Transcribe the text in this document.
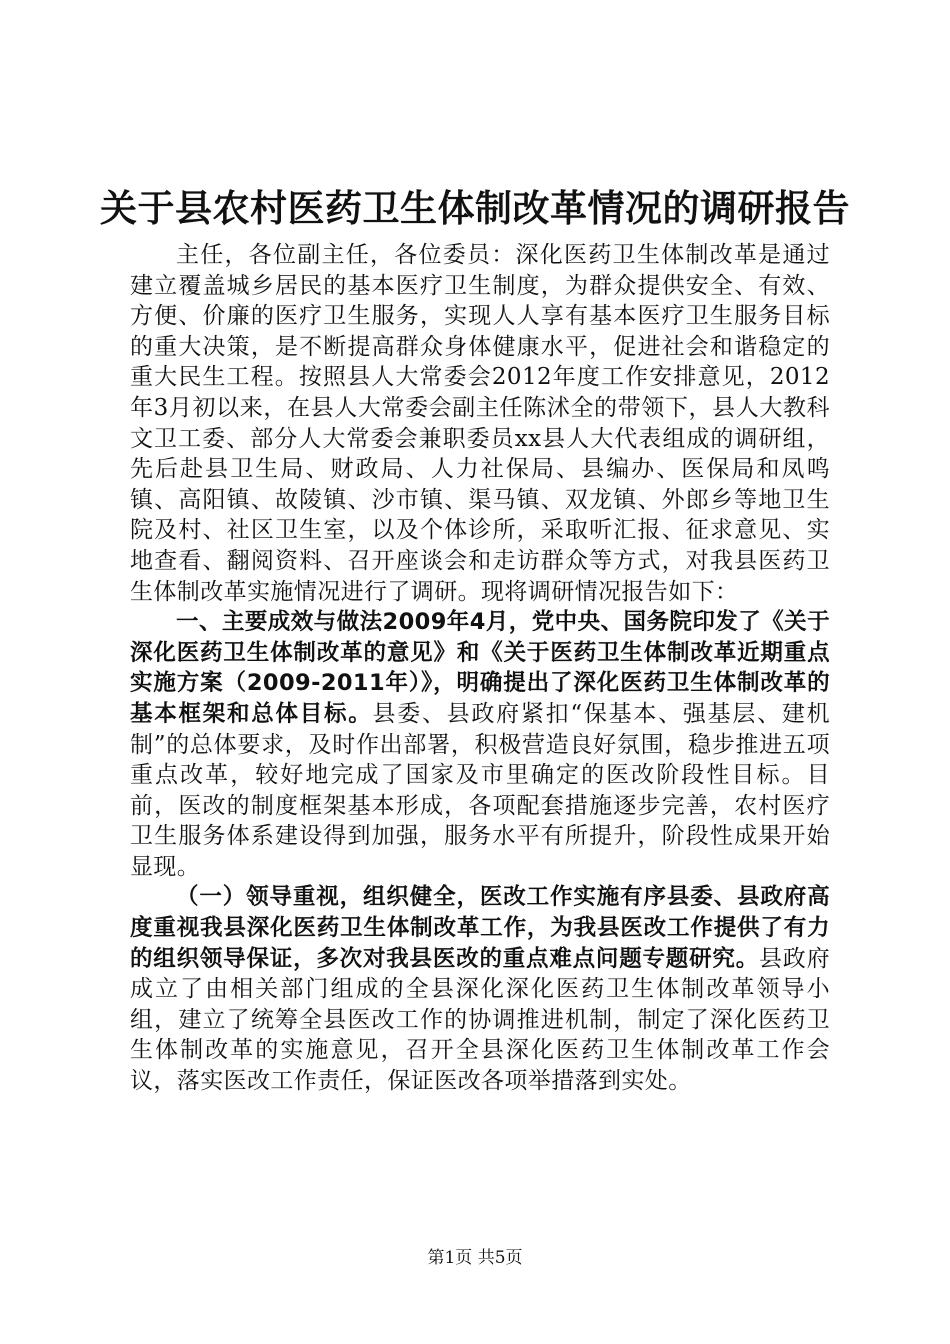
关于县农村医药卫生体制改革情况的调研报告

主任，各位副主任，各位委员：深化医药卫生体制改革是通过建立覆盖城乡居民的基本医疗卫生制度，为群众提供安全、有效、方便、价廉的医疗卫生服务，实现人人享有基本医疗卫生服务目标的重大决策，是不断提高群众身体健康水平，促进社会和谐稳定的重大民生工程。按照县人大常委会2012年度工作安排意见，2012年3月初以来，在县人大常委会副主任陈沭全的带领下，县人大教科文卫工委、部分人大常委会兼职委员xx县人大代表组成的调研组，先后赴县卫生局、财政局、人力社保局、县编办、医保局和凤鸣镇、高阳镇、故陵镇、沙市镇、渠马镇、双龙镇、外郎乡等地卫生院及村、社区卫生室，以及个体诊所，采取听汇报、征求意见、实地查看、翻阅资料、召开座谈会和走访群众等方式，对我县医药卫生体制改革实施情况进行了调研。现将调研情况报告如下：

一、主要成效与做法2009年4月，党中央、国务院印发了《关于深化医药卫生体制改革的意见》和《关于医药卫生体制改革近期重点实施方案（2009-2011年）》，明确提出了深化医药卫生体制改革的基本框架和总体目标。县委、县政府紧扣“保基本、强基层、建机制”的总体要求，及时作出部署，积极营造良好氛围，稳步推进五项重点改革，较好地完成了国家及市里确定的医改阶段性目标。目前，医改的制度框架基本形成，各项配套措施逐步完善，农村医疗卫生服务体系建设得到加强，服务水平有所提升，阶段性成果开始显现。

（一）领导重视，组织健全，医改工作实施有序县委、县政府高度重视我县深化医药卫生体制改革工作，为我县医改工作提供了有力的组织领导保证，多次对我县医改的重点难点问题专题研究。县政府成立了由相关部门组成的全县深化深化医药卫生体制改革领导小组，建立了统筹全县医改工作的协调推进机制，制定了深化医药卫生体制改革的实施意见，召开全县深化医药卫生体制改革工作会议，落实医改工作责任，保证医改各项举措落到实处。

第1页 共5页
